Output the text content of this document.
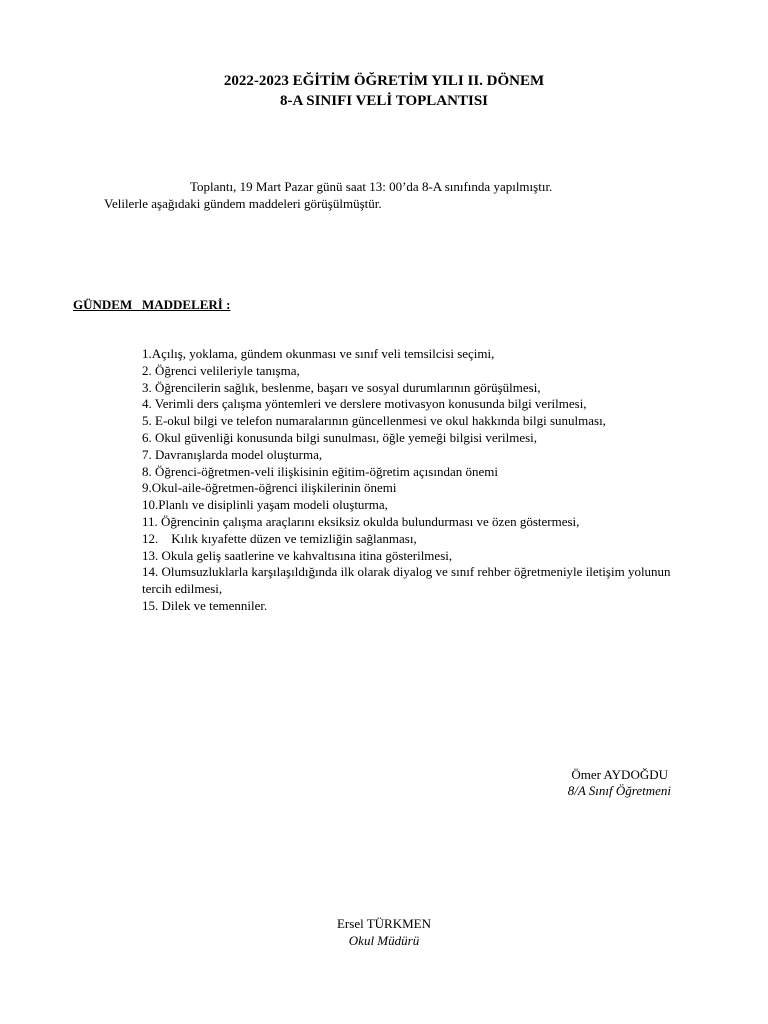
2022-2023 EĞİTİM ÖĞRETİM YILI II. DÖNEM
8-A SINIFI VELİ TOPLANTISI
Toplantı, 19 Mart Pazar günü saat 13: 00’da 8-A sınıfında yapılmıştır.
Velilerle aşağıdaki gündem maddeleri görüşülmüştür.
GÜNDEM   MADDELERİ :
1.Açılış, yoklama, gündem okunması ve sınıf veli temsilcisi seçimi,
2. Öğrenci velileriyle tanışma,
3. Öğrencilerin sağlık, beslenme, başarı ve sosyal durumlarının görüşülmesi,
4. Verimli ders çalışma yöntemleri ve derslere motivasyon konusunda bilgi verilmesi,
5. E-okul bilgi ve telefon numaralarının güncellenmesi ve okul hakkında bilgi sunulması,
6. Okul güvenliği konusunda bilgi sunulması, öğle yemeği bilgisi verilmesi,
7. Davranışlarda model oluşturma,
8. Öğrenci-öğretmen-veli ilişkisinin eğitim-öğretim açısından önemi
9.Okul-aile-öğretmen-öğrenci ilişkilerinin önemi
10.Planlı ve disiplinli yaşam modeli oluşturma,
11. Öğrencinin çalışma araçlarını eksiksiz okulda bulundurması ve özen göstermesi,
12.    Kılık kıyafette düzen ve temizliğin sağlanması,
13. Okula geliş saatlerine ve kahvaltısına itina gösterilmesi,
14. Olumsuzluklarla karşılaşıldığında ilk olarak diyalog ve sınıf rehber öğretmeniyle iletişim yolunun tercih edilmesi,
15. Dilek ve temenniler.
Ömer AYDOĞDU
8/A Sınıf Öğretmeni
Ersel TÜRKMEN
Okul Müdürü
